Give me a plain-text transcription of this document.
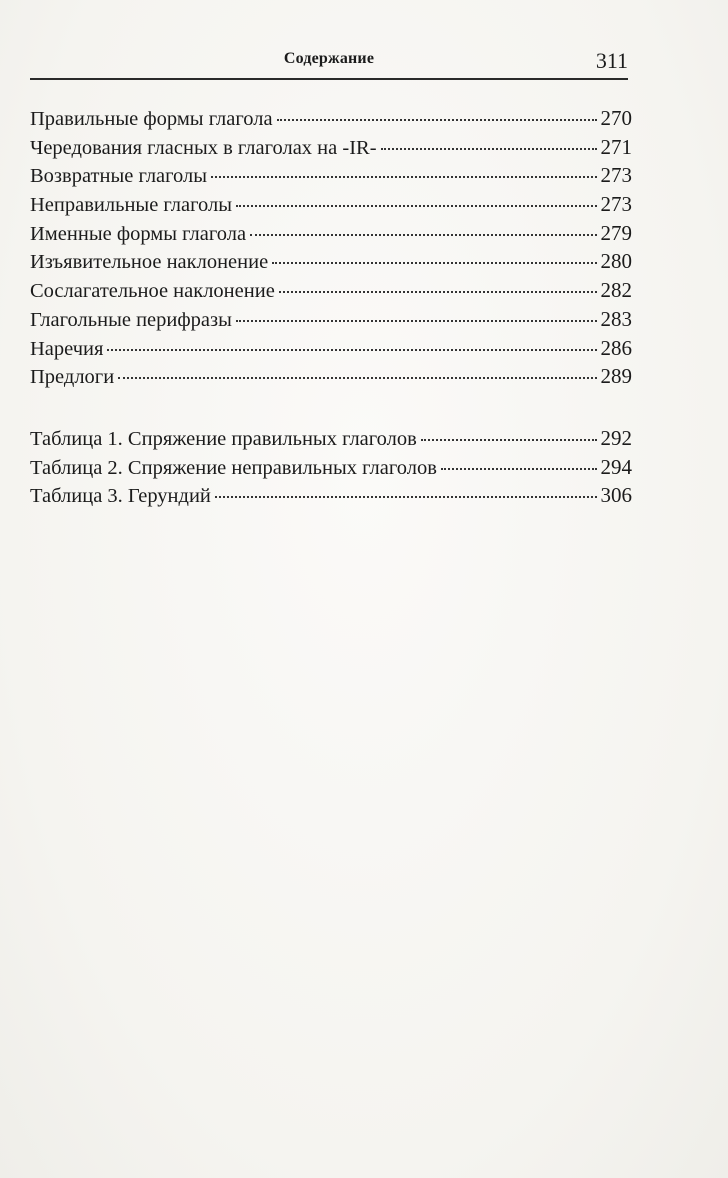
Содержание	311
Правильные формы глагола	270
Чередования гласных в глаголах на -IR-	271
Возвратные глаголы	273
Неправильные глаголы	273
Именные формы глагола	279
Изъявительное наклонение	280
Сослагательное наклонение	282
Глагольные перифразы	283
Наречия	286
Предлоги	289
Таблица 1. Спряжение правильных глаголов	292
Таблица 2. Спряжение неправильных глаголов	294
Таблица 3. Герундий	306
